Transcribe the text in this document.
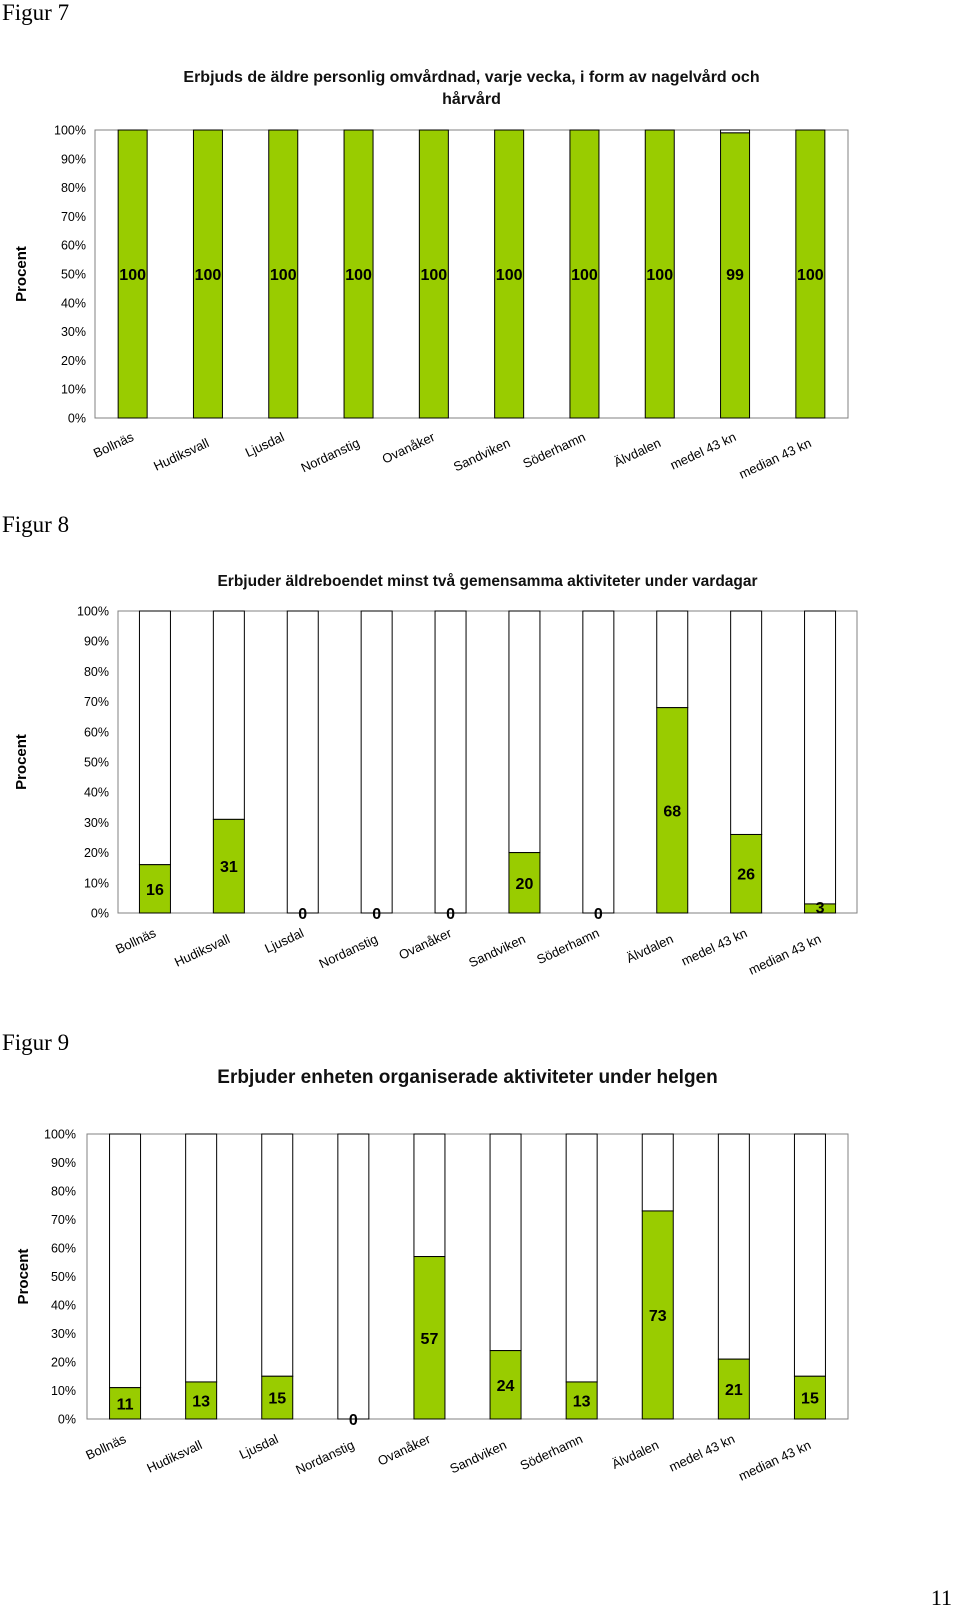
Figur 7
Erbjuds de äldre personlig omvårdnad, varje vecka, i form av nagelvård och
hårvård
Procent
0%
10%
20%
30%
40%
50%
60%
70%
80%
90%
100%
100
Bollnäs
100
Hudiksvall
100
Ljusdal
100
Nordanstig
100
Ovanåker
100
Sandviken
100
Söderhamn
100
Älvdalen
99
medel 43 kn
100
median 43 kn
Figur 8
Erbjuder äldreboendet minst två gemensamma aktiviteter under vardagar
Procent
0%
10%
20%
30%
40%
50%
60%
70%
80%
90%
100%
16
Bollnäs
31
Hudiksvall
0
Ljusdal
0
Nordanstig
0
Ovanåker
20
Sandviken
0
Söderhamn
68
Älvdalen
26
medel 43 kn
3
median 43 kn
Figur 9
Erbjuder enheten organiserade aktiviteter under helgen
Procent
0%
10%
20%
30%
40%
50%
60%
70%
80%
90%
100%
11
Bollnäs
13
Hudiksvall
15
Ljusdal
0
Nordanstig
57
Ovanåker
24
Sandviken
13
Söderhamn
73
Älvdalen
21
medel 43 kn
15
median 43 kn
11
